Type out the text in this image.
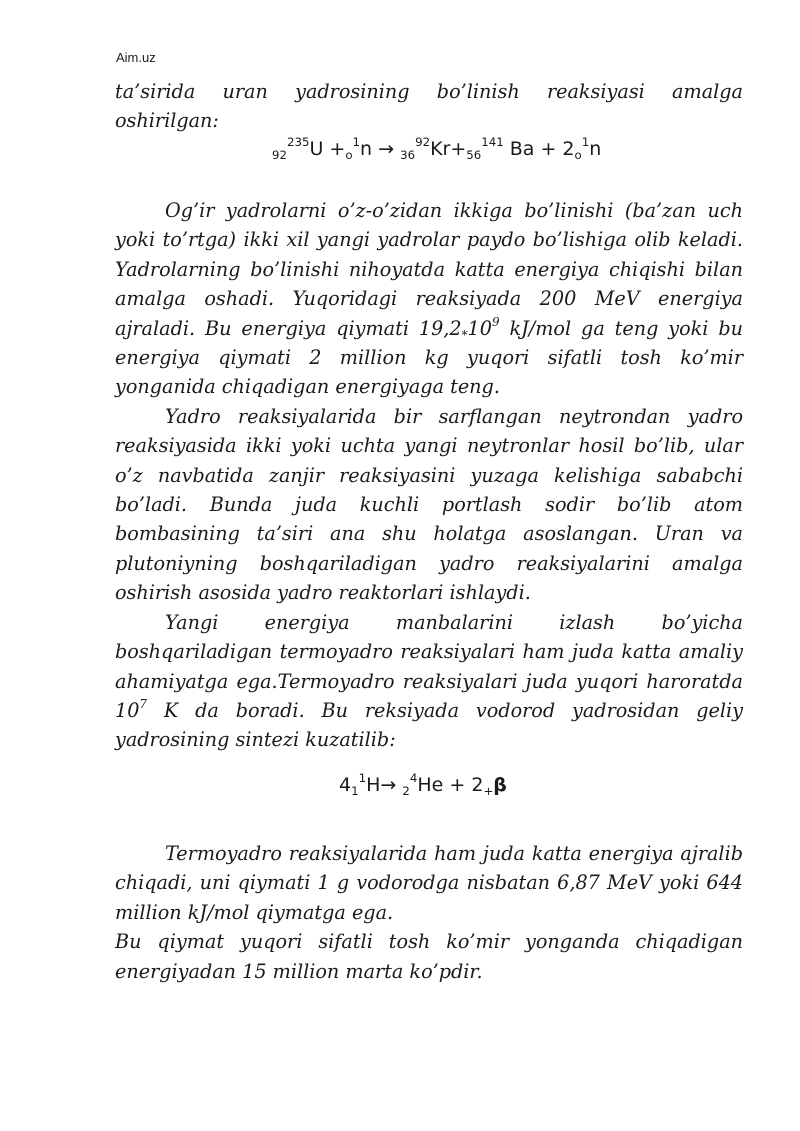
Aim.uz

ta’sirida uran yadrosining bo’linish reaksiyasi amalga

oshirilgan:

$_{92}^{235}U +_o^1n \to _{36}^{92}Kr+_{56}^{141}$ $Ba + 2_o^1n$

Og’ir yadrolarni o’z-o’zidan ikkiga bo’linishi (ba’zan uch yoki to’rtga) ikki xil yangi yadrolar paydo bo’lishiga olib keladi. Yadrolarning bo’linishi nihoyatda katta energiya chiqishi bilan amalga oshadi. Yuqoridagi reaksiyada 200 MeV energiya ajraladi. Bu energiya qiymati $19,2_*10^9$ kJ/mol ga teng yoki bu energiya qiymati 2 million kg yuqori sifatli tosh ko’mir yonganida chiqadigan energiyaga teng.

Yadro reaksiyalarida bir sarflangan neytrondan yadro reaksiyasida ikki yoki uchta yangi neytronlar hosil bo’lib, ular o’z navbatida zanjir reaksiyasini yuzaga kelishiga sababchi bo’ladi. Bunda juda kuchli portlash sodir bo’lib atom bombasining ta’siri ana shu holatga asoslangan. Uran va plutoniyning boshqariladigan yadro reaksiyalarini amalga oshirish asosida yadro reaktorlari ishlaydi.

Yangi energiya manbalarini izlash bo’yicha boshqariladigan termoyadro reaksiyalari ham juda katta amaliy ahamiyatga ega.Termoyadro reaksiyalari juda yuqori haroratda $10^7$ K da boradi. Bu reksiyada vodorod yadrosidan geliy yadrosining sintezi kuzatilib:

$4_1^1H\to _2^4He + 2_+\beta$

Termoyadro reaksiyalarida ham juda katta energiya ajralib chiqadi, uni qiymati 1 g vodorodga nisbatan 6,87 MeV yoki 644 million kJ/mol qiymatga ega.

Bu qiymat yuqori sifatli tosh ko’mir yonganda chiqadigan energiyadan 15 million marta ko’pdir.
